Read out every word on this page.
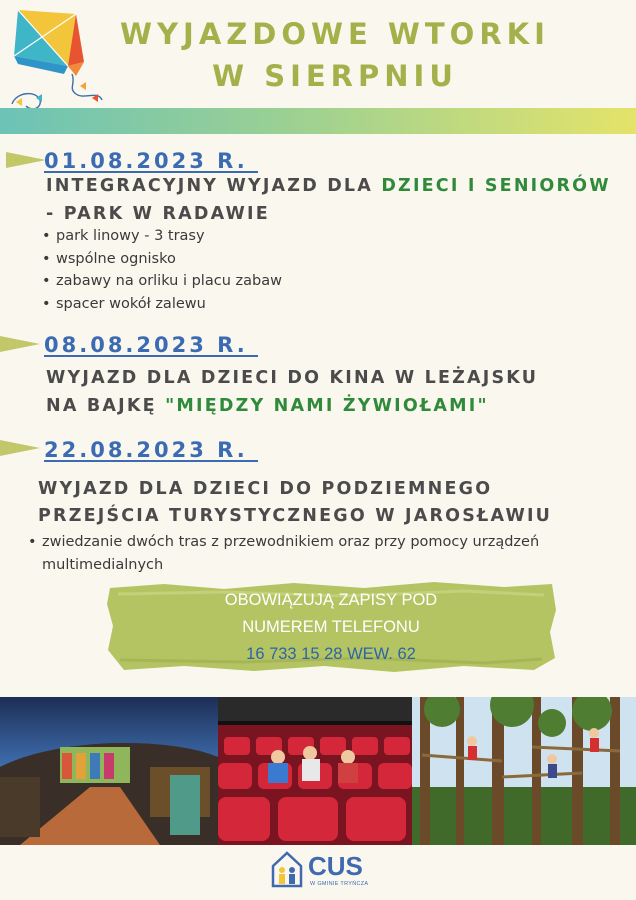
WYJAZDOWE WTORKI
W SIERPNIU
01.08.2023 R.
INTEGRACYJNY WYJAZD DLA DZIECI I SENIORÓW
- PARK W RADAWIE
• park linowy - 3 trasy
• wspólne ognisko
• zabawy na orliku i placu zabaw
• spacer wokół zalewu
08.08.2023 R.
WYJAZD DLA DZIECI DO KINA W LEŻAJSKU
NA BAJKĘ "MIĘDZY NAMI ŻYWIOŁAMI"
22.08.2023 R.
WYJAZD DLA DZIECI DO PODZIEMNEGO
PRZEJŚCIA TURYSTYCZNEGO W JAROSŁAWIU
• zwiedzanie dwóch tras z przewodnikiem oraz przy pomocy urządzeń
multimedialnych
OBOWIĄZUJĄ ZAPISY POD
NUMEREM TELEFONU
16 733 15 28 WEW. 62
CUS
W GMINIE TRYŃCZA
